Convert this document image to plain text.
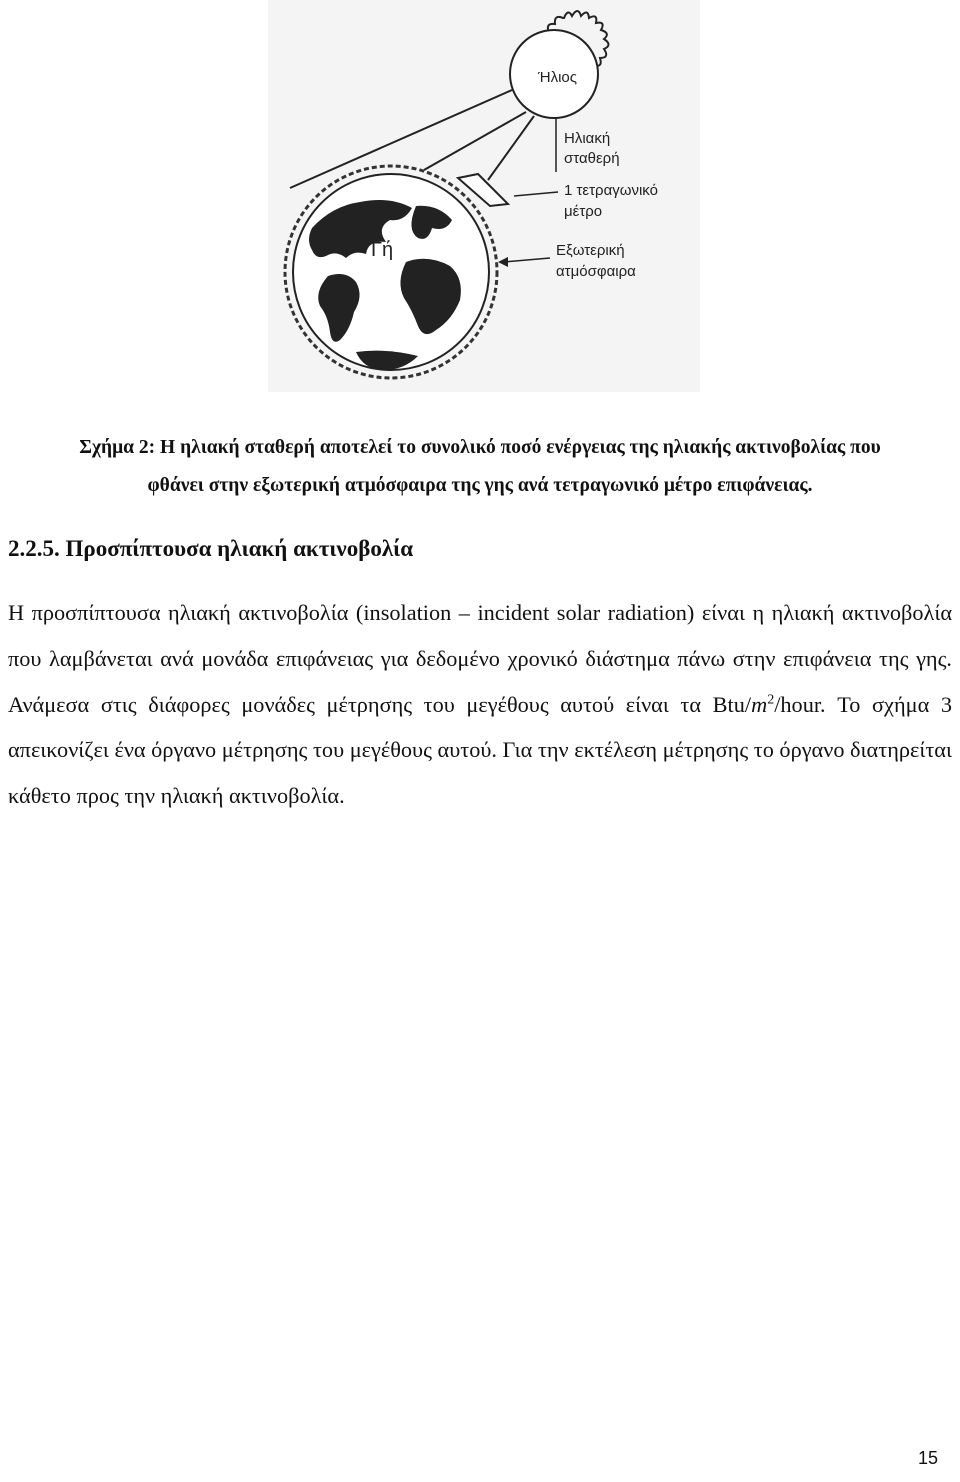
Ήλιος
Γή
Ηλιακή
σταθερή
1 τετραγωνικό
μέτρο
Εξωτερική
ατμόσφαιρα
Σχήμα 2: Η ηλιακή σταθερή αποτελεί το συνολικό ποσό ενέργειας της ηλιακής ακτινοβολίας που
φθάνει στην εξωτερική ατμόσφαιρα της γης ανά τετραγωνικό μέτρο επιφάνειας.
2.2.5. Προσπίπτουσα ηλιακή ακτινοβολία

Η προσπίπτουσα ηλιακή ακτινοβολία (insolation – incident solar radiation) είναι η ηλιακή ακτινοβολία που λαμβάνεται ανά μονάδα επιφάνειας για δεδομένο χρονικό διάστημα πάνω στην επιφάνεια της γης. Ανάμεσα στις διάφορες μονάδες μέτρησης του μεγέθους αυτού είναι τα Btu/$m^2$/hour. Το σχήμα 3 απεικονίζει ένα όργανο μέτρησης του μεγέθους αυτού. Για την εκτέλεση μέτρησης το όργανο διατηρείται κάθετο προς την ηλιακή ακτινοβολία.

15
